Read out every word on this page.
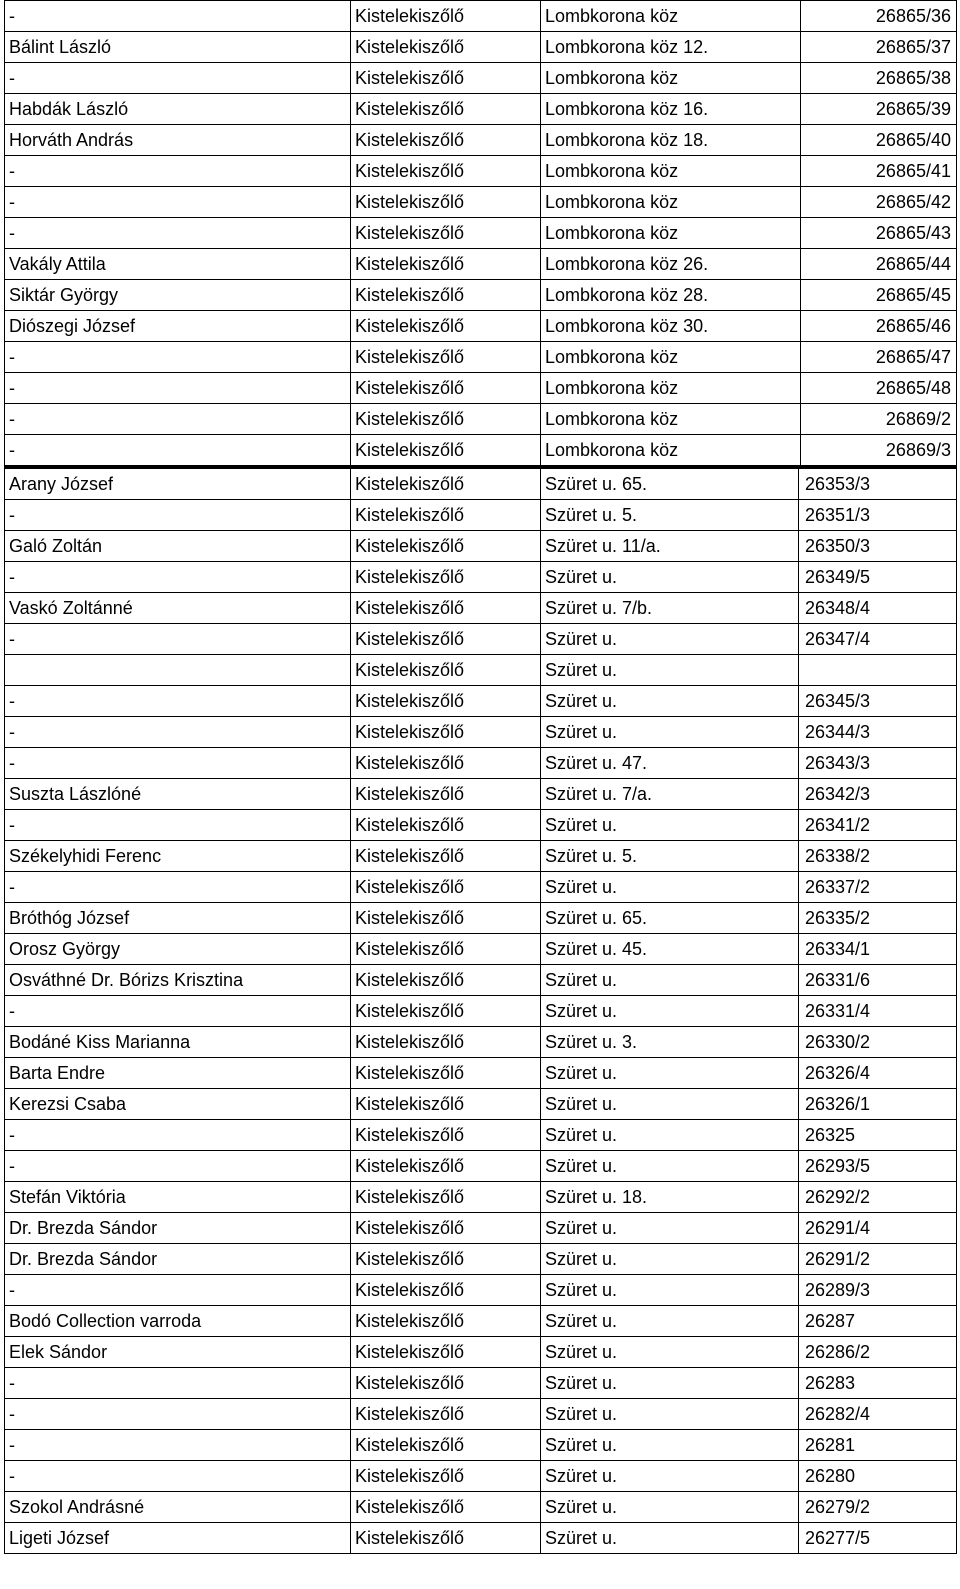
-	Kistelekiszőlő	Lombkorona köz	26865/36
Bálint László	Kistelekiszőlő	Lombkorona köz 12.	26865/37
-	Kistelekiszőlő	Lombkorona köz	26865/38
Habdák László	Kistelekiszőlő	Lombkorona köz 16.	26865/39
Horváth András	Kistelekiszőlő	Lombkorona köz 18.	26865/40
-	Kistelekiszőlő	Lombkorona köz	26865/41
-	Kistelekiszőlő	Lombkorona köz	26865/42
-	Kistelekiszőlő	Lombkorona köz	26865/43
Vakály Attila	Kistelekiszőlő	Lombkorona köz 26.	26865/44
Siktár György	Kistelekiszőlő	Lombkorona köz 28.	26865/45
Diószegi József	Kistelekiszőlő	Lombkorona köz 30.	26865/46
-	Kistelekiszőlő	Lombkorona köz	26865/47
-	Kistelekiszőlő	Lombkorona köz	26865/48
-	Kistelekiszőlő	Lombkorona köz	26869/2
-	Kistelekiszőlő	Lombkorona köz	26869/3
Arany József	Kistelekiszőlő	Szüret u. 65.	26353/3
-	Kistelekiszőlő	Szüret u. 5.	26351/3
Galó Zoltán	Kistelekiszőlő	Szüret u. 11/a.	26350/3
-	Kistelekiszőlő	Szüret u.	26349/5
Vaskó Zoltánné	Kistelekiszőlő	Szüret u. 7/b.	26348/4
-	Kistelekiszőlő	Szüret u.	26347/4
	Kistelekiszőlő	Szüret u.	
-	Kistelekiszőlő	Szüret u.	26345/3
-	Kistelekiszőlő	Szüret u.	26344/3
-	Kistelekiszőlő	Szüret u. 47.	26343/3
Suszta Lászlóné	Kistelekiszőlő	Szüret u. 7/a.	26342/3
-	Kistelekiszőlő	Szüret u.	26341/2
Székelyhidi Ferenc	Kistelekiszőlő	Szüret u. 5.	26338/2
-	Kistelekiszőlő	Szüret u.	26337/2
Bróthóg József	Kistelekiszőlő	Szüret u. 65.	26335/2
Orosz György	Kistelekiszőlő	Szüret u. 45.	26334/1
Osváthné Dr. Bórizs Krisztina	Kistelekiszőlő	Szüret u.	26331/6
-	Kistelekiszőlő	Szüret u.	26331/4
Bodáné Kiss Marianna	Kistelekiszőlő	Szüret u. 3.	26330/2
Barta Endre	Kistelekiszőlő	Szüret u.	26326/4
Kerezsi Csaba	Kistelekiszőlő	Szüret u.	26326/1
-	Kistelekiszőlő	Szüret u.	26325
-	Kistelekiszőlő	Szüret u.	26293/5
Stefán Viktória	Kistelekiszőlő	Szüret u. 18.	26292/2
Dr. Brezda Sándor	Kistelekiszőlő	Szüret u.	26291/4
Dr. Brezda Sándor	Kistelekiszőlő	Szüret u.	26291/2
-	Kistelekiszőlő	Szüret u.	26289/3
Bodó Collection varroda	Kistelekiszőlő	Szüret u.	26287
Elek Sándor	Kistelekiszőlő	Szüret u.	26286/2
-	Kistelekiszőlő	Szüret u.	26283
-	Kistelekiszőlő	Szüret u.	26282/4
-	Kistelekiszőlő	Szüret u.	26281
-	Kistelekiszőlő	Szüret u.	26280
Szokol Andrásné	Kistelekiszőlő	Szüret u.	26279/2
Ligeti József	Kistelekiszőlő	Szüret u.	26277/5
